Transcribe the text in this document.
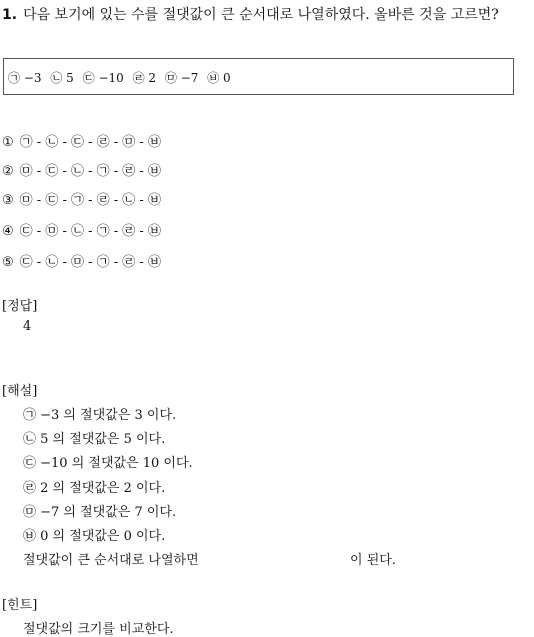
1. 다음 보기에 있는 수를 절댓값이 큰 순서대로 나열하였다. 올바른 것을 고르면?
㉠ −3 ㉡ 5 ㉢ −10 ㉣ 2 ㉤ −7 ㉥ 0
① ㉠ - ㉡ - ㉢ - ㉣ - ㉤ - ㉥
② ㉤ - ㉢ - ㉡ - ㉠ - ㉣ - ㉥
③ ㉤ - ㉢ - ㉠ - ㉣ - ㉡ - ㉥
④ ㉢ - ㉤ - ㉡ - ㉠ - ㉣ - ㉥
⑤ ㉢ - ㉡ - ㉤ - ㉠ - ㉣ - ㉥
[정답]
4
[해설]
㉠ −3 의 절댓값은 3 이다.
㉡ 5 의 절댓값은 5 이다.
㉢ −10 의 절댓값은 10 이다.
㉣ 2 의 절댓값은 2 이다.
㉤ −7 의 절댓값은 7 이다.
㉥ 0 의 절댓값은 0 이다.
절댓값이 큰 순서대로 나열하면	이 된다.
[힌트]
절댓값의 크기를 비교한다.
